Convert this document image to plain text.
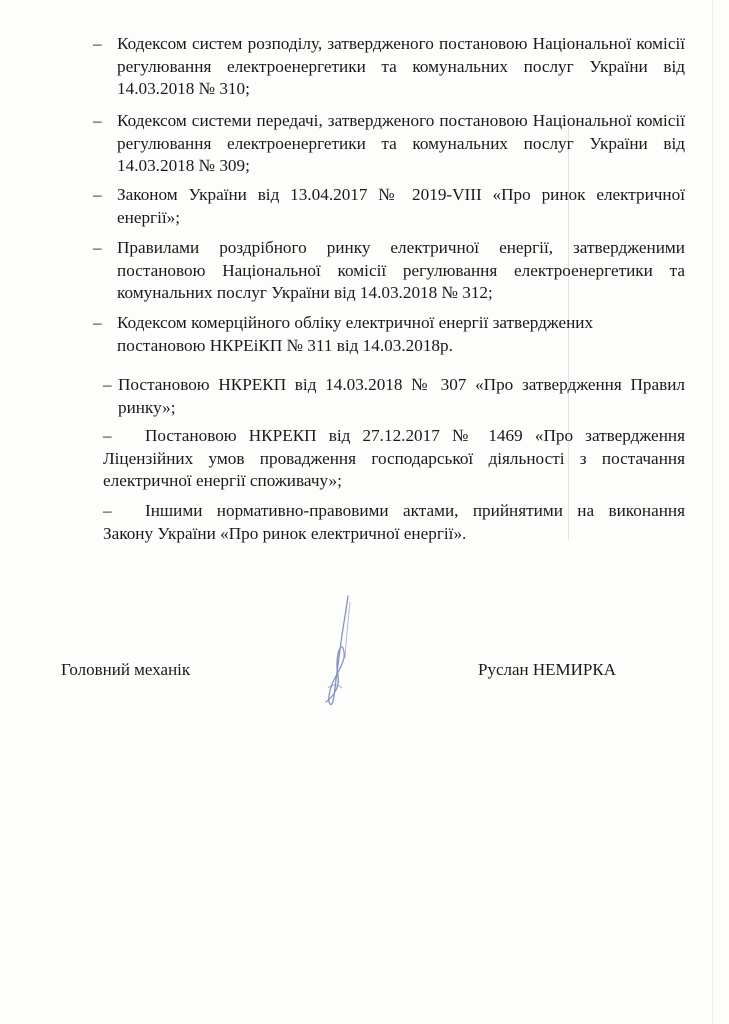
– Кодексом систем розподілу, затвердженого постановою Національної комісії регулювання електроенергетики та комунальних послуг України від 14.03.2018 № 310;
– Кодексом системи передачі, затвердженого постановою Національної комісії регулювання електроенергетики та комунальних послуг України від 14.03.2018 № 309;
– Законом України від 13.04.2017 № 2019-VIII «Про ринок електричної енергії»;
– Правилами роздрібного ринку електричної енергії, затвердженими постановою Національної комісії регулювання електроенергетики та комунальних послуг України від 14.03.2018 № 312;
– Кодексом комерційного обліку електричної енергії затверджених
постановою НКРЕіКП № 311 від 14.03.2018р.
– Постановою НКРЕКП від 14.03.2018 № 307 «Про затвердження Правил ринку»;
– Постановою НКРЕКП від 27.12.2017 № 1469 «Про затвердження Ліцензійних умов провадження господарської діяльності з постачання електричної енергії споживачу»;
– Іншими нормативно-правовими актами, прийнятими на виконання Закону України «Про ринок електричної енергії».
Головний механік	Руслан НЕМИРКА
